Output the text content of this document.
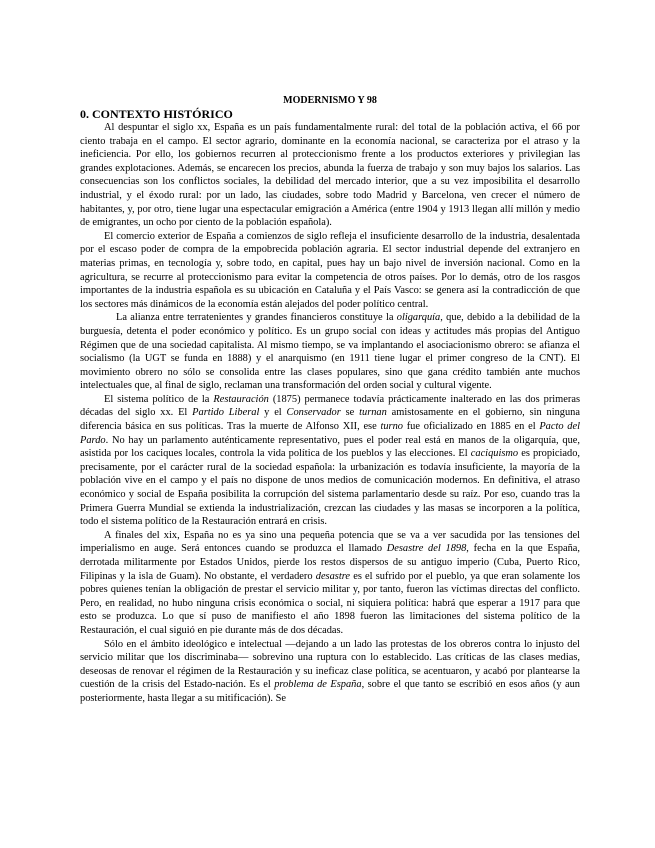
MODERNISMO Y 98
0. CONTEXTO HISTÓRICO

Al despuntar el siglo xx, España es un país fundamentalmente rural: del total de la población activa, el 66 por ciento trabaja en el campo. El sector agrario, dominante en la economía nacional, se caracteriza por el atraso y la ineficiencia. Por ello, los gobiernos recurren al proteccionismo frente a los productos exteriores y privilegian las grandes explotaciones. Además, se encarecen los precios, abunda la fuerza de trabajo y son muy bajos los salarios. Las consecuencias son los conflictos sociales, la debilidad del mercado interior, que a su vez imposibilita el desarrollo industrial, y el éxodo rural: por un lado, las ciudades, sobre todo Madrid y Barcelona, ven crecer el número de habitantes, y, por otro, tiene lugar una espectacular emigración a América (entre 1904 y 1913 llegan allí millón y medio de emigrantes, un ocho por ciento de la población española).

El comercio exterior de España a comienzos de siglo refleja el insuficiente desarrollo de la industria, desalentada por el escaso poder de compra de la empobrecida población agraria. El sector industrial depende del extranjero en materias primas, en tecnología y, sobre todo, en capital, pues hay un bajo nivel de inversión nacional. Como en la agricultura, se recurre al proteccionismo para evitar la competencia de otros países. Por lo demás, otro de los rasgos importantes de la industria española es su ubicación en Cataluña y el País Vasco: se genera así la contradicción de que los sectores más dinámicos de la economía están alejados del poder político central.

La alianza entre terratenientes y grandes financieros constituye la oligarquía, que, debido a la debilidad de la burguesía, detenta el poder económico y político. Es un grupo social con ideas y actitudes más propias del Antiguo Régimen que de una sociedad capitalista. Al mismo tiempo, se va implantando el asociacionismo obrero: se afianza el socialismo (la UGT se funda en 1888) y el anarquismo (en 1911 tiene lugar el primer congreso de la CNT). El movimiento obrero no sólo se consolida entre las clases populares, sino que gana crédito también ante muchos intelectuales que, al final de siglo, reclaman una transformación del orden social y cultural vigente.

El sistema político de la Restauración (1875) permanece todavía prácticamente inalterado en las dos primeras décadas del siglo xx. El Partido Liberal y el Conservador se turnan amistosamente en el gobierno, sin ninguna diferencia básica en sus políticas. Tras la muerte de Alfonso XII, ese turno fue oficializado en 1885 en el Pacto del Pardo. No hay un parlamento auténticamente representativo, pues el poder real está en manos de la oligarquía, que, asistida por los caciques locales, controla la vida política de los pueblos y las elecciones. El caciquismo es propiciado, precisamente, por el carácter rural de la sociedad española: la urbanización es todavía insuficiente, la mayoría de la población vive en el campo y el país no dispone de unos medios de comunicación modernos. En definitiva, el atraso económico y social de España posibilita la corrupción del sistema parlamentario desde su raíz. Por eso, cuando tras la Primera Guerra Mundial se extienda la industrialización, crezcan las ciudades y las masas se incorporen a la política, todo el sistema político de la Restauración entrará en crisis.

A finales del xix, España no es ya sino una pequeña potencia que se va a ver sacudida por las tensiones del imperialismo en auge. Será entonces cuando se produzca el llamado Desastre del 1898, fecha en la que España, derrotada militarmente por Estados Unidos, pierde los restos dispersos de su antiguo imperio (Cuba, Puerto Rico, Filipinas y la isla de Guam). No obstante, el verdadero desastre es el sufrido por el pueblo, ya que eran solamente los pobres quienes tenían la obligación de prestar el servicio militar y, por tanto, fueron las víctimas directas del conflicto. Pero, en realidad, no hubo ninguna crisis económica o social, ni siquiera política: habrá que esperar a 1917 para que esto se produzca. Lo que sí puso de manifiesto el año 1898 fueron las limitaciones del sistema político de la Restauración, el cual siguió en pie durante más de dos décadas.

Sólo en el ámbito ideológico e intelectual —dejando a un lado las protestas de los obreros contra lo injusto del servicio militar que los discriminaba— sobrevino una ruptura con lo establecido. Las críticas de las clases medias, deseosas de renovar el régimen de la Restauración y su ineficaz clase política, se acentuaron, y acabó por plantearse la cuestión de la crisis del Estado-nación. Es el problema de España, sobre el que tanto se escribió en esos años (y aun posteriormente, hasta llegar a su mitificación). Se
